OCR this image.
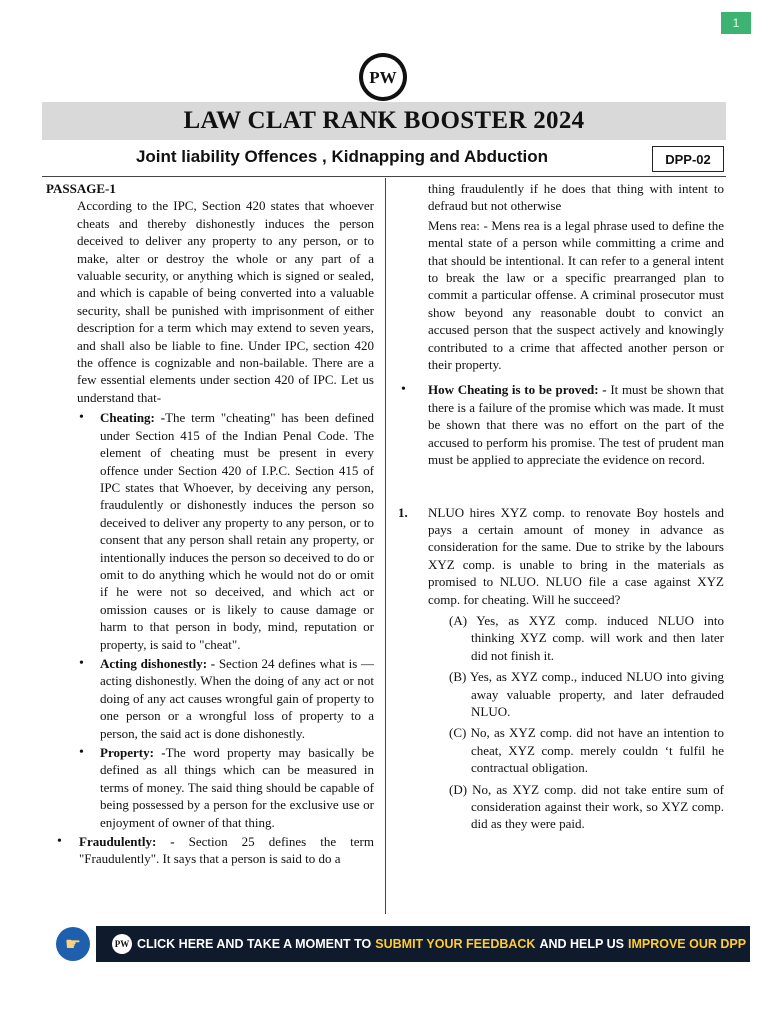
1
PW
LAW CLAT RANK BOOSTER 2024
Joint liability Offences , Kidnapping and Abduction	DPP-02
PASSAGE-1

According to the IPC, Section 420 states that whoever cheats and thereby dishonestly induces the person deceived to deliver any property to any person, or to make, alter or destroy the whole or any part of a valuable security, or anything which is signed or sealed, and which is capable of being converted into a valuable security, shall be punished with imprisonment of either description for a term which may extend to seven years, and shall also be liable to fine. Under IPC, section 420 the offence is cognizable and non-bailable. There are a few essential elements under section 420 of IPC. Let us understand that-

• Cheating: -The term "cheating" has been defined under Section 415 of the Indian Penal Code. The element of cheating must be present in every offence under Section 420 of I.P.C. Section 415 of IPC states that Whoever, by deceiving any person, fraudulently or dishonestly induces the person so deceived to deliver any property to any person, or to consent that any person shall retain any property, or intentionally induces the person so deceived to do or omit to do anything which he would not do or omit if he were not so deceived, and which act or omission causes or is likely to cause damage or harm to that person in body, mind, reputation or property, is said to "cheat".
• Acting dishonestly: - Section 24 defines what is —acting dishonestly. When the doing of any act or not doing of any act causes wrongful gain of property to one person or a wrongful loss of property to a person, the said act is done dishonestly.
• Property: -The word property may basically be defined as all things which can be measured in terms of money. The said thing should be capable of being possessed by a person for the exclusive use or enjoyment of owner of that thing.
• Fraudulently: - Section 25 defines the term "Fraudulently". It says that a person is said to do a
thing fraudulently if he does that thing with intent to defraud but not otherwise
Mens rea: - Mens rea is a legal phrase used to define the mental state of a person while committing a crime and that should be intentional. It can refer to a general intent to break the law or a specific prearranged plan to commit a particular offense. A criminal prosecutor must show beyond any reasonable doubt to convict an accused person that the suspect actively and knowingly contributed to a crime that affected another person or their property.
• How Cheating is to be proved: - It must be shown that there is a failure of the promise which was made. It must be shown that there was no effort on the part of the accused to perform his promise. The test of prudent man must be applied to appreciate the evidence on record.
1. NLUO hires XYZ comp. to renovate Boy hostels and pays a certain amount of money in advance as consideration for the same. Due to strike by the labours XYZ comp. is unable to bring in the materials as promised to NLUO. NLUO file a case against XYZ comp. for cheating. Will he succeed?
(A) Yes, as XYZ comp. induced NLUO into thinking XYZ comp. will work and then later did not finish it.
(B) Yes, as XYZ comp., induced NLUO into giving away valuable property, and later defrauded NLUO.
(C) No, as XYZ comp. did not have an intention to cheat, XYZ comp. merely couldn ‘t fulfil he contractual obligation.
(D) No, as XYZ comp. did not take entire sum of consideration against their work, so XYZ comp. did as they were paid.
☛	PW CLICK HERE AND TAKE A MOMENT TO SUBMIT YOUR FEEDBACK AND HELP US IMPROVE OUR DPP
